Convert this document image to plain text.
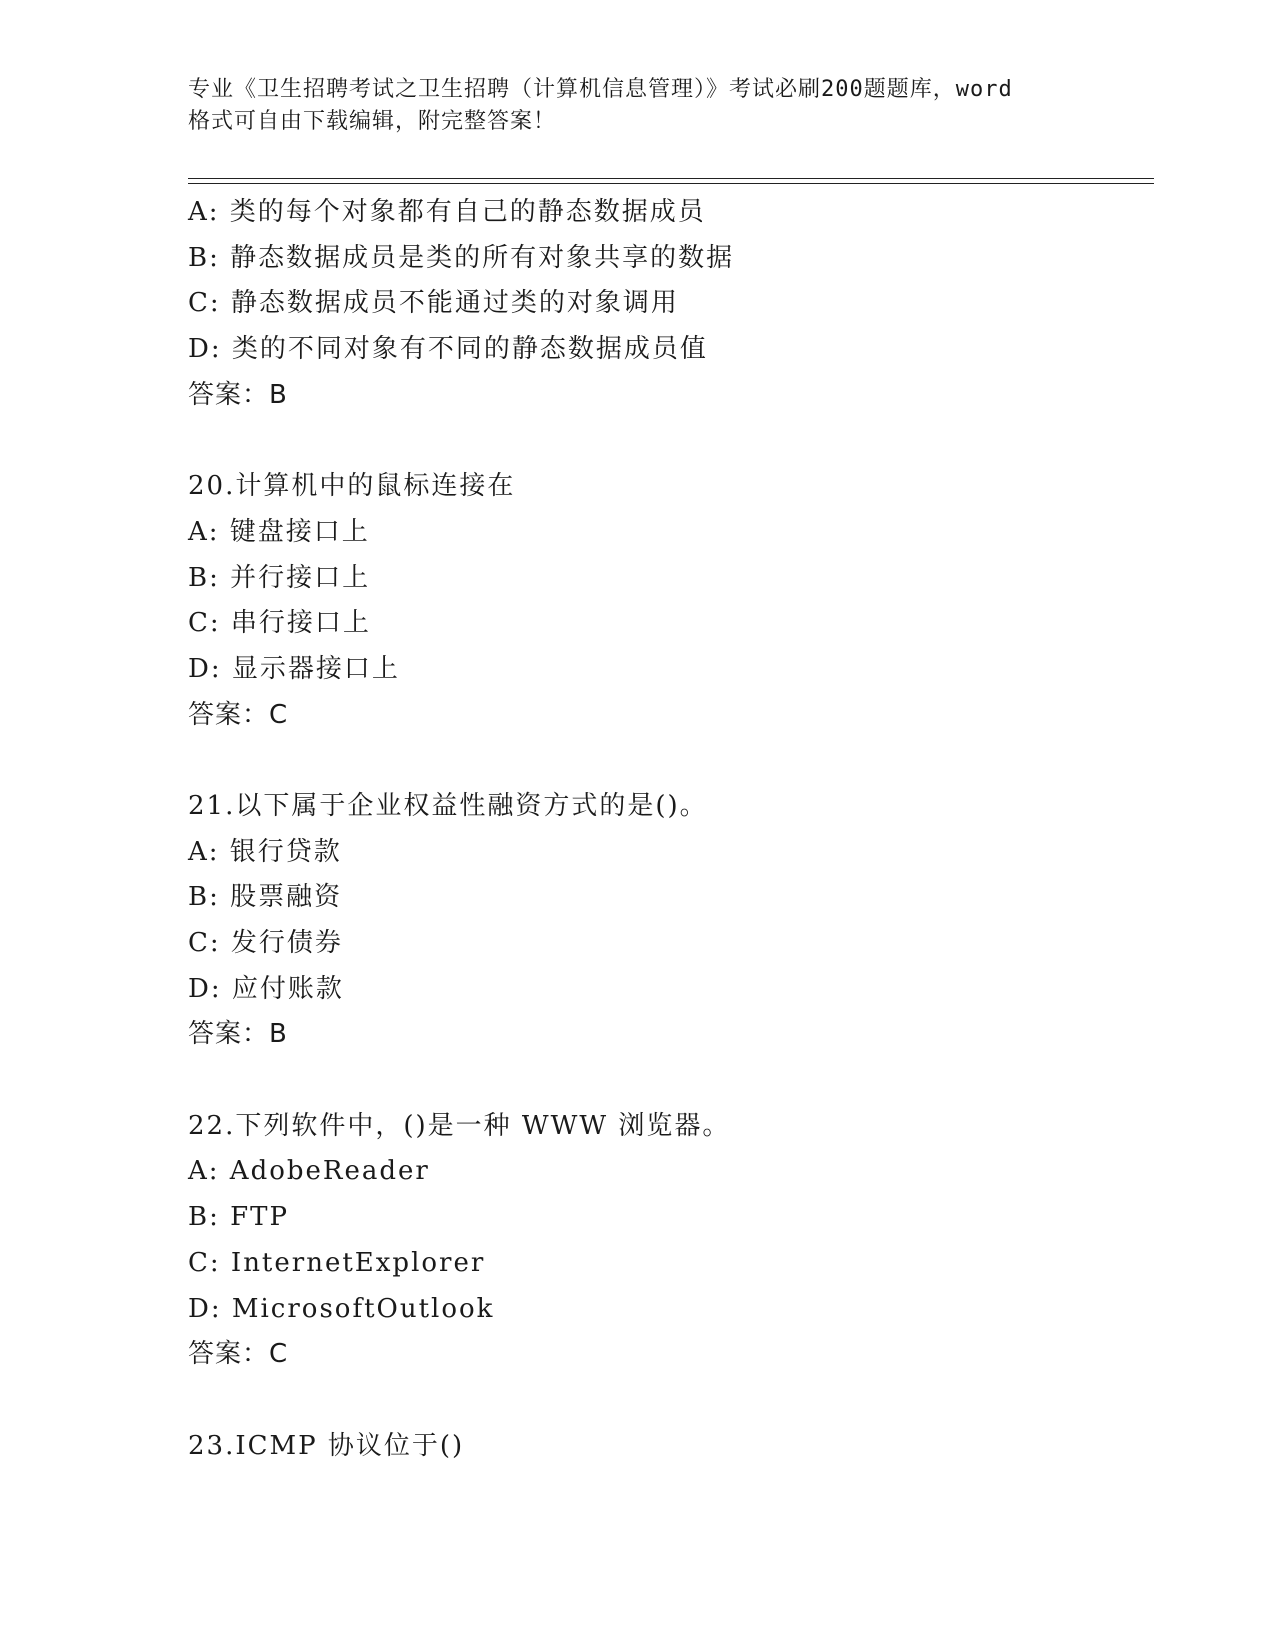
专业《卫生招聘考试之卫生招聘（计算机信息管理）》考试必刷200题题库，word
格式可自由下载编辑，附完整答案！
A: 类的每个对象都有自己的静态数据成员
B: 静态数据成员是类的所有对象共享的数据
C: 静态数据成员不能通过类的对象调用
D: 类的不同对象有不同的静态数据成员值
答案：B
20.计算机中的鼠标连接在
A: 键盘接口上
B: 并行接口上
C: 串行接口上
D: 显示器接口上
答案：C
21.以下属于企业权益性融资方式的是()。
A: 银行贷款
B: 股票融资
C: 发行债券
D: 应付账款
答案：B
22.下列软件中，()是一种 WWW 浏览器。
A: AdobeReader
B: FTP
C: InternetExplorer
D: MicrosoftOutlook
答案：C
23.ICMP 协议位于()
